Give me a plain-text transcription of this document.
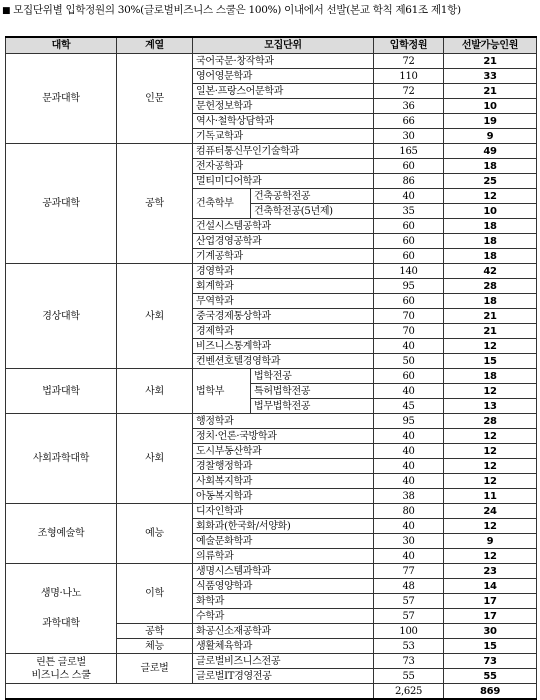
■ 모집단위별 입학정원의 30%(글로벌비즈니스 스쿨은 100%) 이내에서 선발(본교 학칙 제61조 제1항)
대학	계열	모집단위		입학정원	선발가능인원
문과대학	인문	국어국문·창작학과		72	21
		영어영문학과		110	33
		일본·프랑스어문학과		72	21
		문헌정보학과		36	10
		역사·철학상담학과		66	19
		기독교학과		30	9
공과대학	공학	컴퓨터통신무인기술학과		165	49
		전자공학과		60	18
		멀티미디어학과		86	25
		건축학부	건축공학전공	40	12
			건축학전공(5년제)	35	10
		건설시스템공학과		60	18
		산업경영공학과		60	18
		기계공학과		60	18
경상대학	사회	경영학과		140	42
		회계학과		95	28
		무역학과		60	18
		중국경제통상학과		70	21
		경제학과		70	21
		비즈니스통계학과		40	12
		컨벤션호텔경영학과		50	15
법과대학	사회	법학부	법학전공	60	18
			특허법학전공	40	12
			법무법학전공	45	13
사회과학대학	사회	행정학과		95	28
		정치·언론·국방학과		40	12
		도시부동산학과		40	12
		경찰행정학과		40	12
		사회복지학과		40	12
		아동복지학과		38	11
조형예술학	예능	디자인학과		80	24
		회화과(한국화/서양화)		40	12
		예술문화학과		30	9
		의류학과		40	12
생명·나노

과학대학	이학	생명시스템과학과		77	23
		식품영양학과		48	14
		화학과		57	17
		수학과		57	17
	공학	화공신소재공학과		100	30
	체능	생활체육학과		53	15
린튼 글로벌
비즈니스 스쿨	글로벌	글로벌비즈니스전공		73	73
		글로벌IT경영전공		55	55
				2,625	869
